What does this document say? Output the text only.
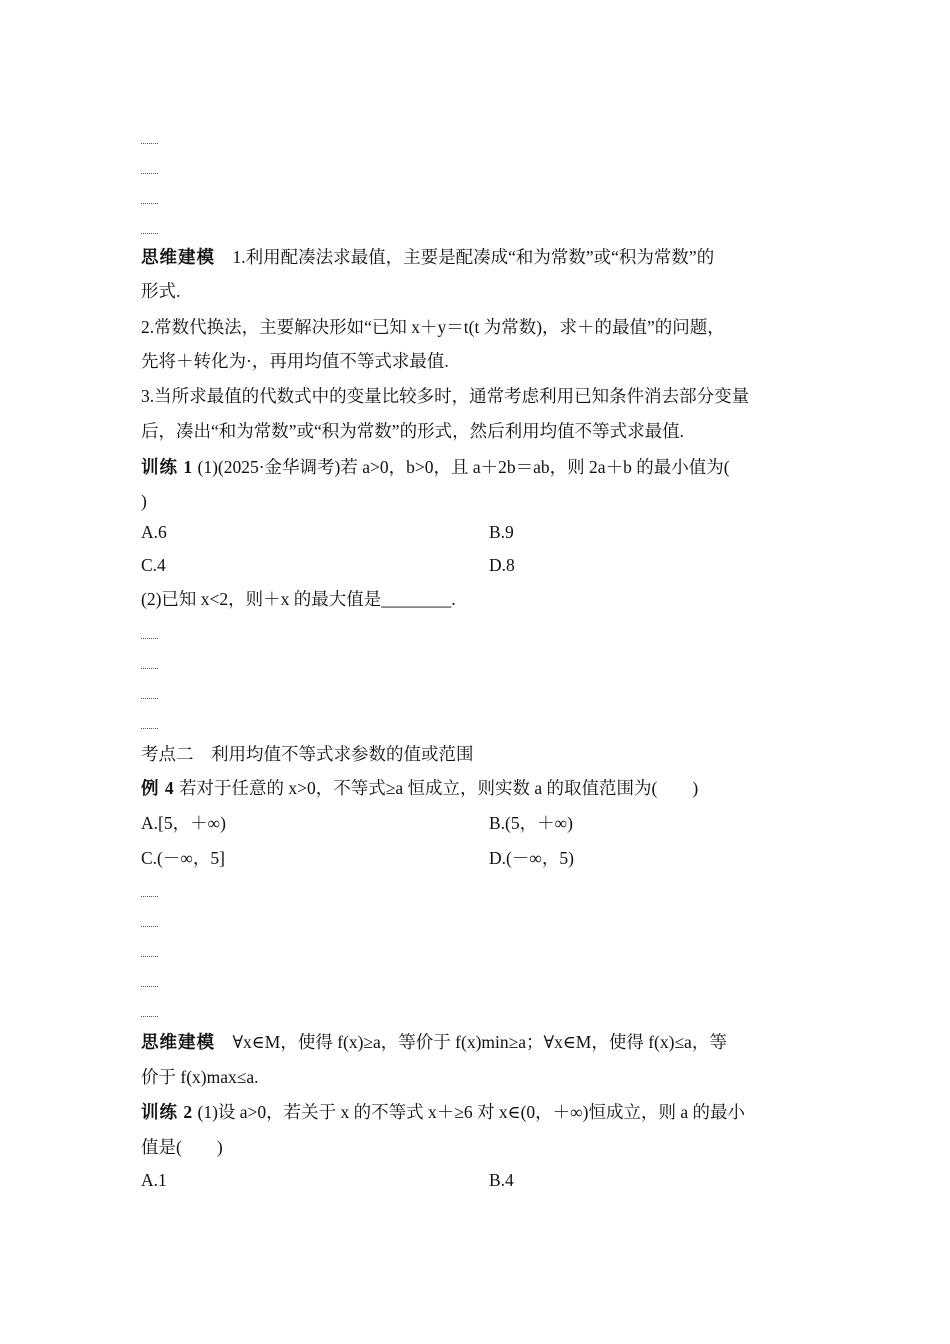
思维建模　 1.利用配凑法求最值，主要是配凑成“和为常数”或“积为常数”的
形式.
2.常数代换法，主要解决形如“已知 x＋y＝t(t 为常数)，求＋的最值”的问题，
先将＋转化为·，再用均值不等式求最值.
3.当所求最值的代数式中的变量比较多时，通常考虑利用已知条件消去部分变量
后，凑出“和为常数”或“积为常数”的形式，然后利用均值不等式求最值.
训练 1 (1)(2025·金华调考)若 a>0，b>0，且 a＋2b＝ab，则 2a＋b 的最小值为(
)
A.6	B.9
C.4	D.8
(2)已知 x<2，则＋x 的最大值是________.
考点二　利用均值不等式求参数的值或范围
例 4 若对于任意的 x>0，不等式≥a 恒成立，则实数 a 的取值范围为(　　)
A.[5，＋∞)	B.(5，＋∞)
C.(－∞，5]	D.(－∞，5)
思维建模　 ∀x∈M，使得 f(x)≥a，等价于 f(x)min≥a；∀x∈M，使得 f(x)≤a，等
价于 f(x)max≤a.
训练 2 (1)设 a>0，若关于 x 的不等式 x＋≥6 对 x∈(0，＋∞)恒成立，则 a 的最小
值是(　　)
A.1	B.4
